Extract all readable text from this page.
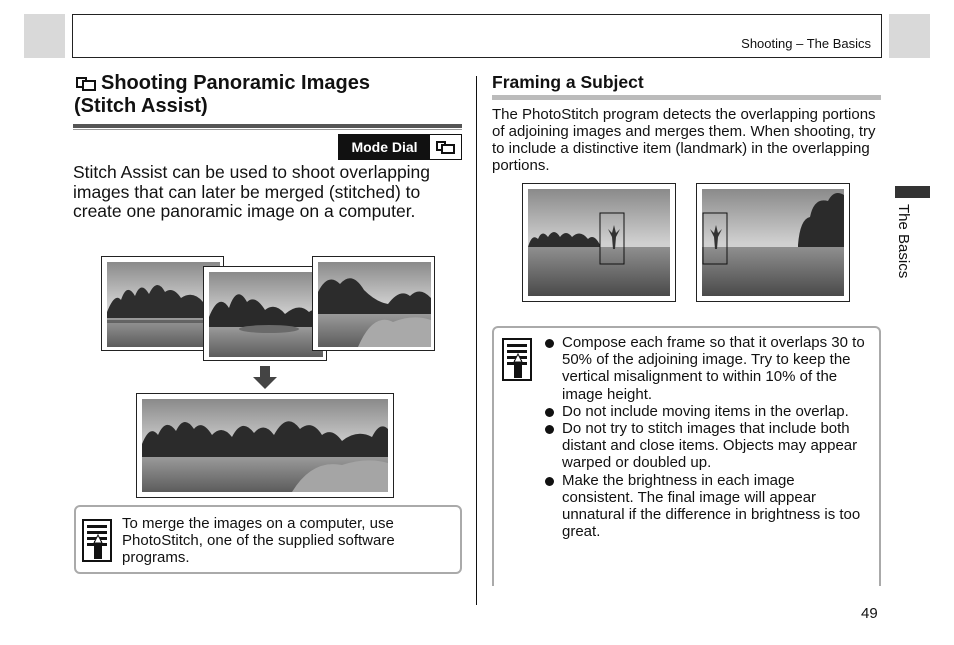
Shooting – The Basics
Shooting Panoramic Images
(Stitch Assist)
Mode Dial
Stitch Assist can be used to shoot overlapping images that can later be merged (stitched) to create one panoramic image on a computer.
To merge the images on a computer, use PhotoStitch, one of the supplied software programs.
Framing a Subject
The PhotoStitch program detects the overlapping portions of adjoining images and merges them. When shooting, try to include a distinctive item (landmark) in the overlapping portions.
Compose each frame so that it overlaps 30 to 50% of the adjoining image. Try to keep the vertical misalignment to within 10% of the image height.
Do not include moving items in the overlap.
Do not try to stitch images that include both distant and close items. Objects may appear warped or doubled up.
Make the brightness in each image consistent. The final image will appear unnatural if the difference in brightness is too great.
The Basics
49
